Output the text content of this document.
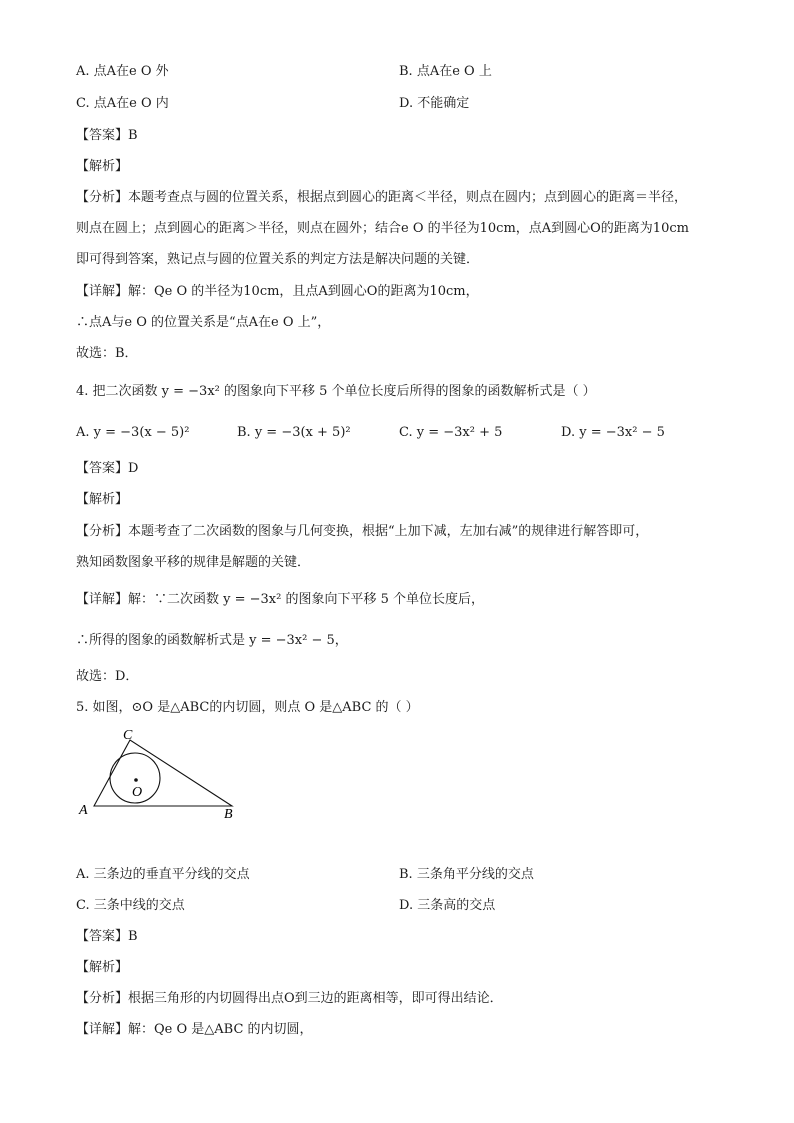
A. 点A在e O 外	B. 点A在e O 上
C. 点A在e O 内	D. 不能确定
【答案】B
【解析】
【分析】本题考查点与圆的位置关系，根据点到圆心的距离＜半径，则点在圆内；点到圆心的距离＝半径，
则点在圆上；点到圆心的距离＞半径，则点在圆外；结合e O 的半径为10cm，点A到圆心O的距离为10cm
即可得到答案，熟记点与圆的位置关系的判定方法是解决问题的关键．
【详解】解：Qe O 的半径为10cm，且点A到圆心O的距离为10cm，
∴点A与e O 的位置关系是“点A在e O 上”，
故选：B．
4. 把二次函数 y = −3x² 的图象向下平移 5 个单位长度后所得的图象的函数解析式是（ ）
A. y = −3(x − 5)²	B. y = −3(x + 5)²	C. y = −3x² + 5	D. y = −3x² − 5
【答案】D
【解析】
【分析】本题考查了二次函数的图象与几何变换，根据“上加下减，左加右减”的规律进行解答即可，
熟知函数图象平移的规律是解题的关键．
【详解】解：∵二次函数 y = −3x² 的图象向下平移 5 个单位长度后，
∴所得的图象的函数解析式是 y = −3x² − 5，
故选：D．
5. 如图，⊙O 是△ABC的内切圆，则点 O 是△ABC 的（ ）
C
O
A	B
A. 三条边的垂直平分线的交点	B. 三条角平分线的交点
C. 三条中线的交点	D. 三条高的交点
【答案】B
【解析】
【分析】根据三角形的内切圆得出点O到三边的距离相等，即可得出结论．
【详解】解：Qe O 是△ABC 的内切圆，
